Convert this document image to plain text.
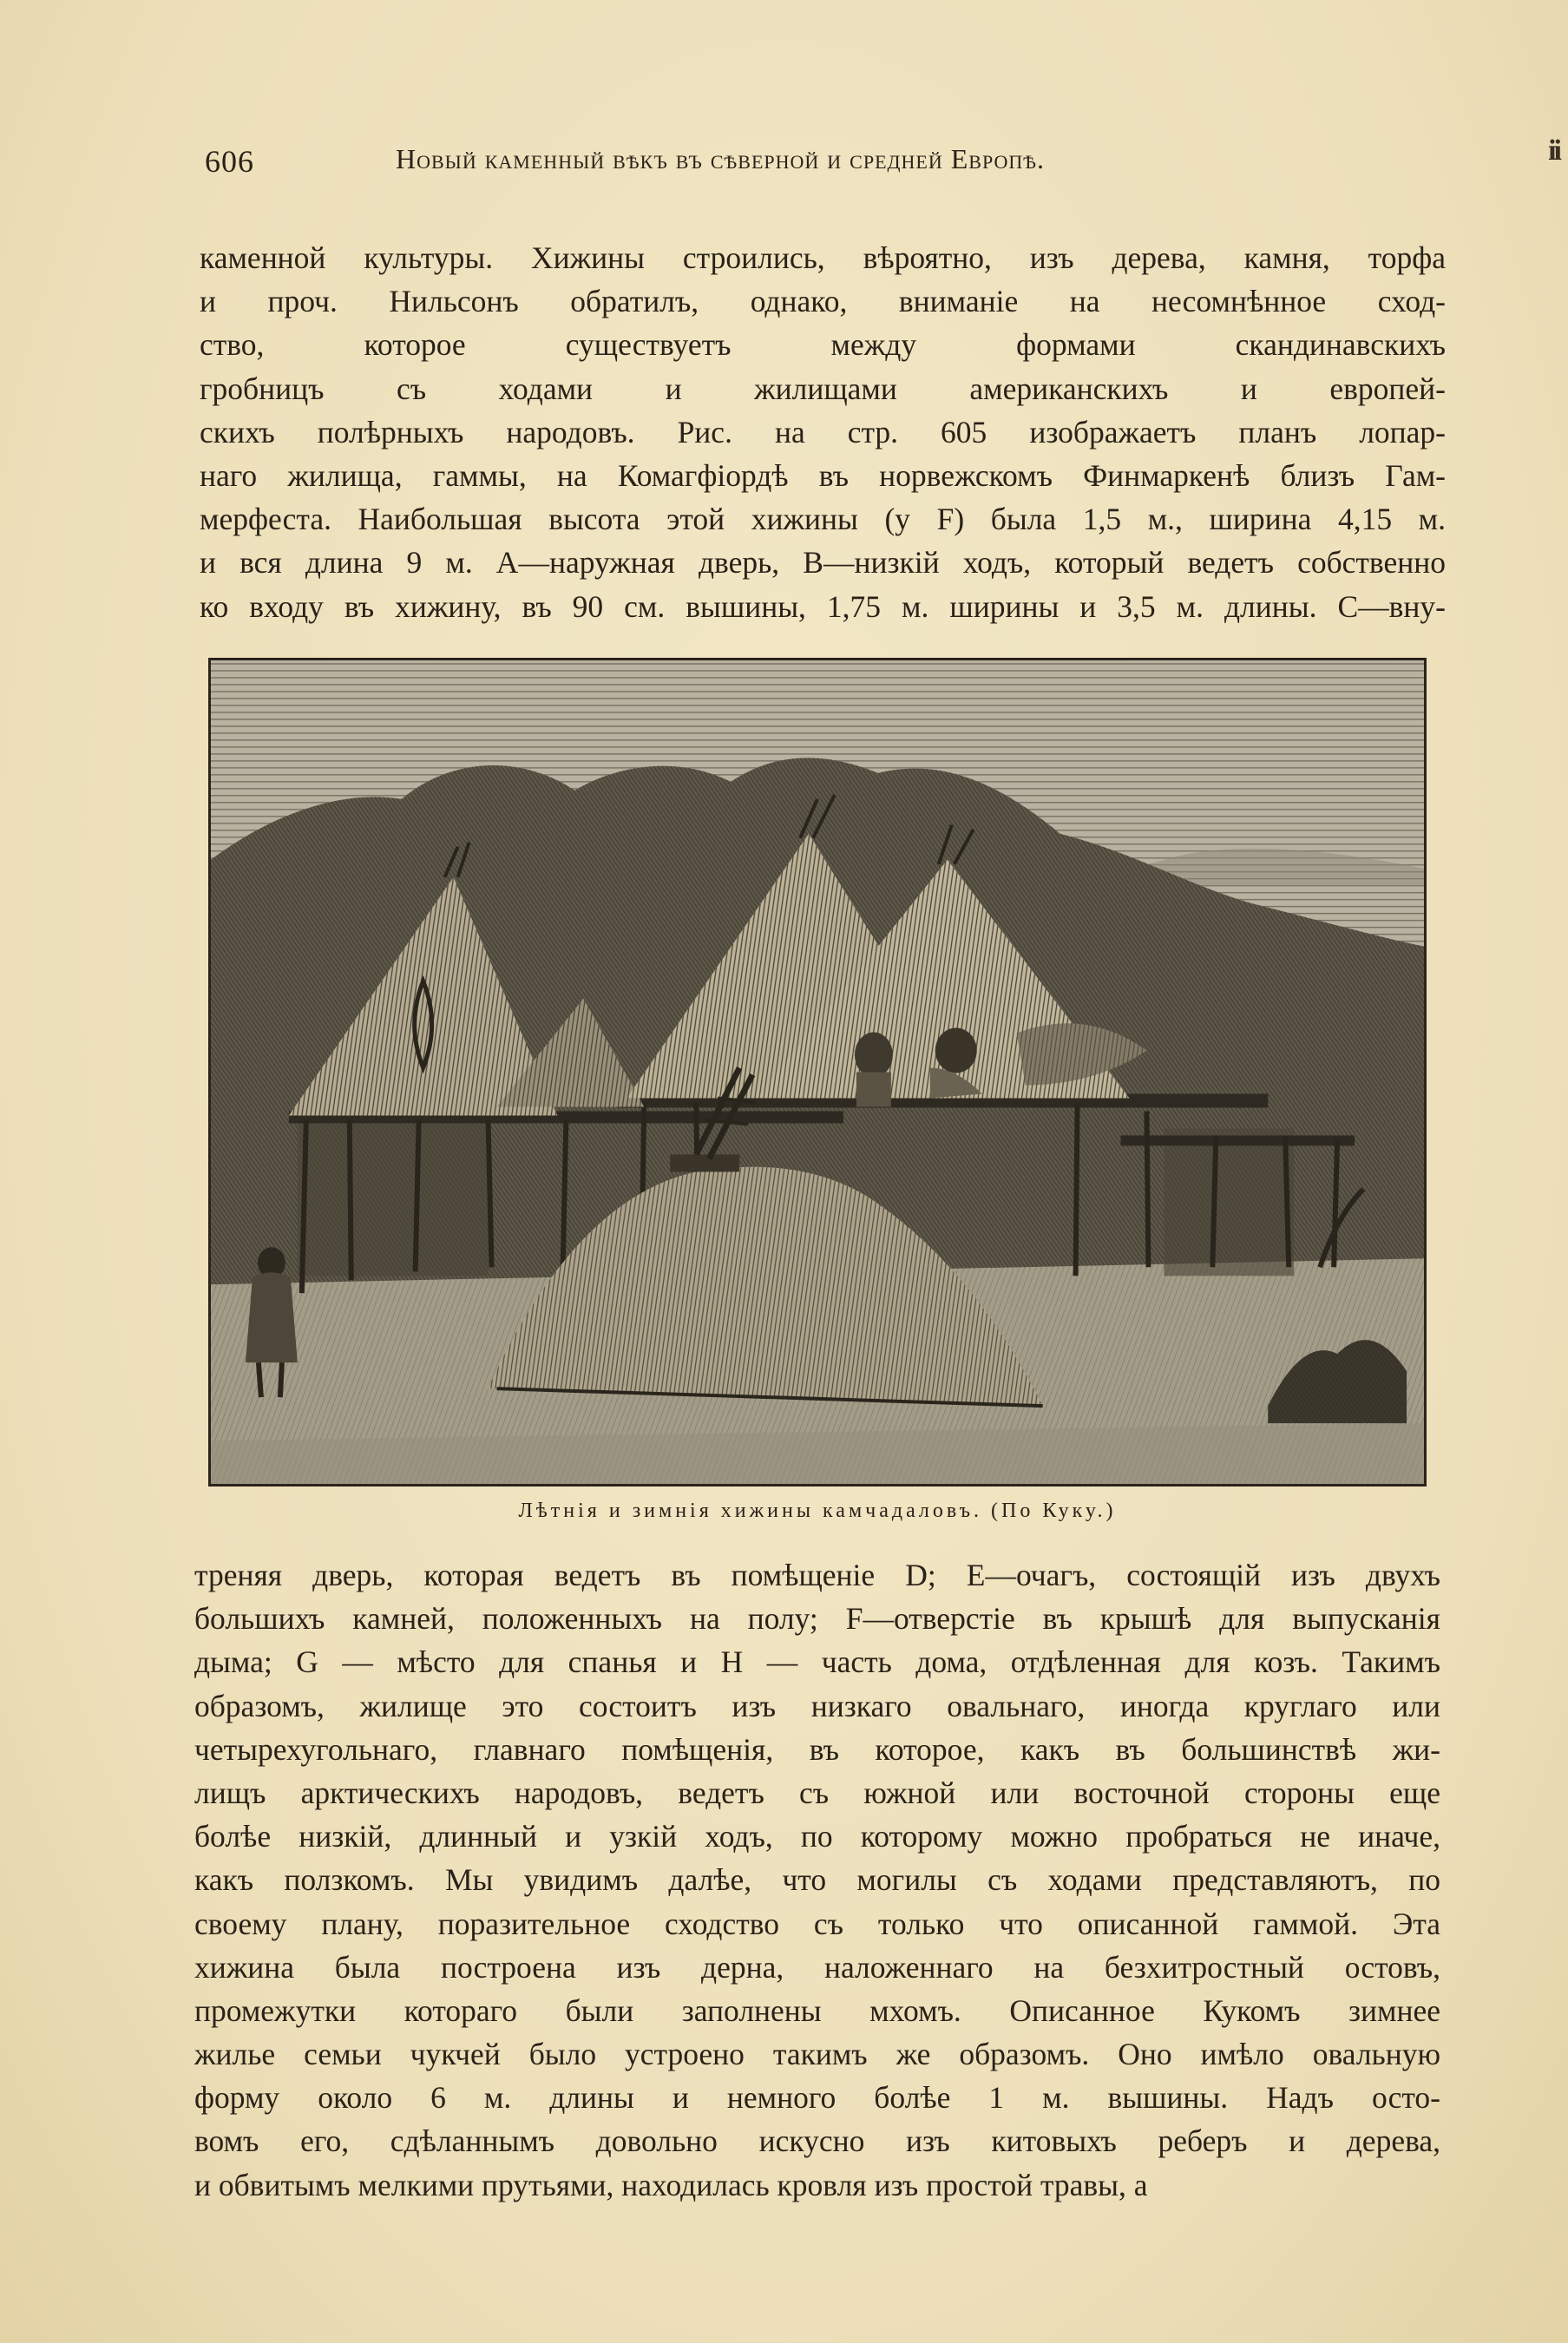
606	Новый каменный вѣкъ въ сѣверной и средней Европѣ.	ii
каменной культуры. Хижины строились, вѣроятно, изъ дерева, камня, торфа
и проч. Нильсонъ обратилъ, однако, вниманіе на несомнѣнное сход-
ство, которое существуетъ между формами скандинавскихъ
гробницъ съ ходами и жилищами американскихъ и европей-
скихъ полѣрныхъ народовъ. Рис. на стр. 605 изображаетъ планъ лопар-
наго жилища, гаммы, на Комагфіордѣ въ норвежскомъ Финмаркенѣ близъ Гам-
мерфеста. Наибольшая высота этой хижины (у F) была 1,5 м., ширина 4,15 м.
и вся длина 9 м. A—наружная дверь, B—низкій ходъ, который ведетъ собственно
ко входу въ хижину, въ 90 см. вышины, 1,75 м. ширины и 3,5 м. длины. C—вну-
Лѣтнія и зимнія хижины камчадаловъ. (По Куку.)
треняя дверь, которая ведетъ въ помѣщеніе D; E—очагъ, состоящій изъ двухъ
большихъ камней, положенныхъ на полу; F—отверстіе въ крышѣ для выпусканія
дыма; G — мѣсто для спанья и H — часть дома, отдѣленная для козъ. Такимъ
образомъ, жилище это состоитъ изъ низкаго овальнаго, иногда круглаго или
четырехугольнаго, главнаго помѣщенія, въ которое, какъ въ большинствѣ жи-
лищъ арктическихъ народовъ, ведетъ съ южной или восточной стороны еще
болѣе низкій, длинный и узкій ходъ, по которому можно пробраться не иначе,
какъ ползкомъ. Мы увидимъ далѣе, что могилы съ ходами представляютъ, по
своему плану, поразительное сходство съ только что описанной гаммой. Эта
хижина была построена изъ дерна, наложеннаго на безхитростный остовъ,
промежутки котораго были заполнены мхомъ. Описанное Кукомъ зимнее
жилье семьи чукчей было устроено такимъ же образомъ. Оно имѣло овальную
форму около 6 м. длины и немного болѣе 1 м. вышины. Надъ осто-
вомъ его, сдѣланнымъ довольно искусно изъ китовыхъ реберъ и дерева,
и обвитымъ мелкими прутьями, находилась кровля изъ простой травы, а
